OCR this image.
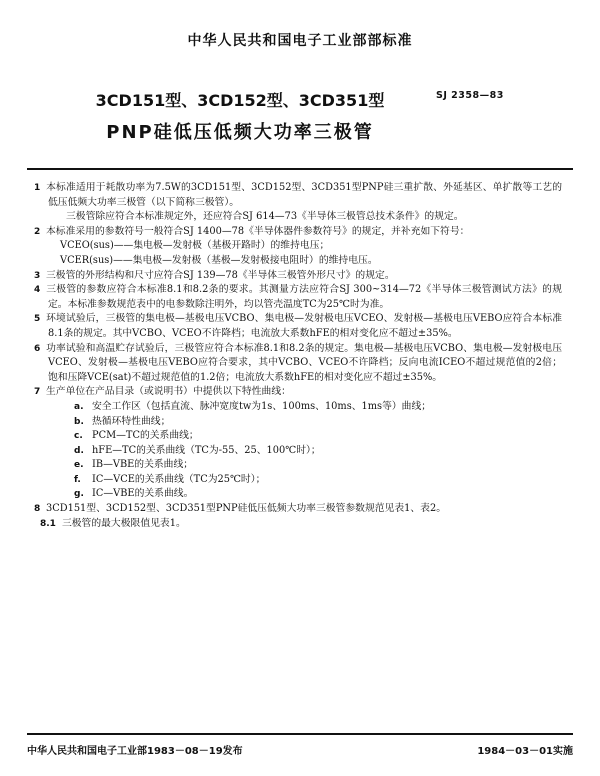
中华人民共和国电子工业部部标准
3CD151型、3CD152型、3CD351型
PNP硅低压低频大功率三极管
SJ 2358—83

1 本标准适用于耗散功率为7.5W的3CD151型、3CD152型、3CD351型PNP硅三重扩散、外延基区、单扩散等工艺的低压低频大功率三极管（以下简称三极管）。

三极管除应符合本标准规定外，还应符合SJ 614—73《半导体三极管总技术条件》的规定。

2 本标准采用的参数符号一般符合SJ 1400—78《半导体器件参数符号》的规定，并补充如下符号：

VCEO(sus)——集电极—发射极（基极开路时）的维持电压；

VCER(sus)——集电极—发射极（基极—发射极接电阻时）的维持电压。

3 三极管的外形结构和尺寸应符合SJ 139—78《半导体三极管外形尺寸》的规定。

4 三极管的参数应符合本标准8.1和8.2条的要求。其测量方法应符合SJ 300~314—72《半导体三极管测试方法》的规定。本标准参数规范表中的电参数除注明外，均以管壳温度TC为25℃时为准。

5 环境试验后，三极管的集电极—基极电压VCBO、集电极—发射极电压VCEO、发射极—基极电压VEBO应符合本标准8.1条的规定。其中VCBO、VCEO不许降档；电流放大系数hFE的相对变化应不超过±35%。

6 功率试验和高温贮存试验后，三极管应符合本标准8.1和8.2条的规定。集电极—基极电压VCBO、集电极—发射极电压VCEO、发射极—基极电压VEBO应符合要求，其中VCBO、VCEO不许降档；反向电流ICEO不超过规范值的2倍；饱和压降VCE(sat)不超过规范值的1.2倍；电流放大系数hFE的相对变化应不超过±35%。

7 生产单位在产品目录（或说明书）中提供以下特性曲线：

a. 安全工作区（包括直流、脉冲宽度tw为1s、100ms、10ms、1ms等）曲线；
b. 热循环特性曲线；
c. PCM—TC的关系曲线；
d. hFE—TC的关系曲线（TC为-55、25、100℃时）；
e. IB—VBE的关系曲线；
f. IC—VCE的关系曲线（TC为25℃时）；
g. IC—VBE的关系曲线。

8 3CD151型、3CD152型、3CD351型PNP硅低压低频大功率三极管参数规范见表1、表2。

8.1 三极管的最大极限值见表1。

中华人民共和国电子工业部1983－08－19发布	1984－03－01实施
